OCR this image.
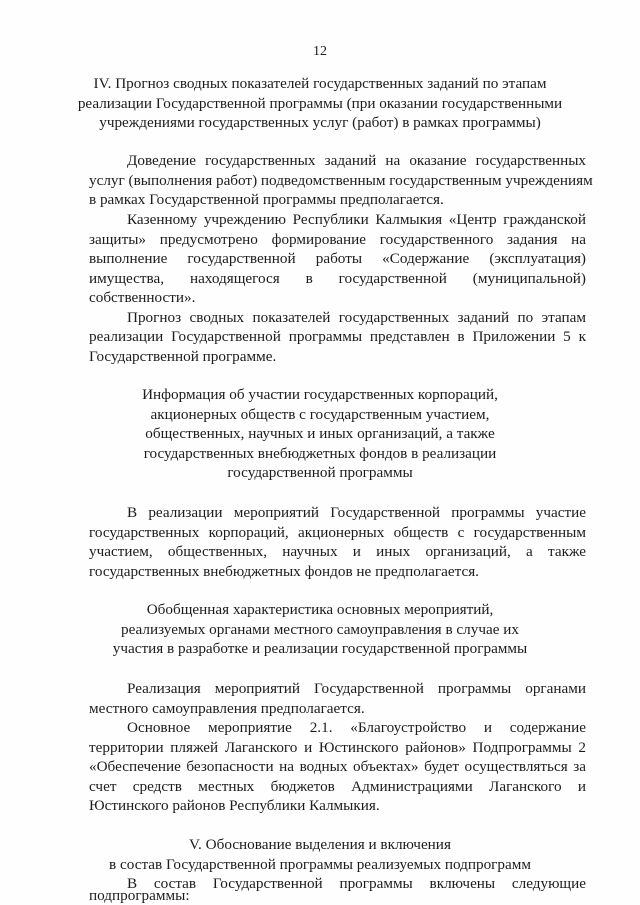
12
IV. Прогноз сводных показателей государственных заданий по этапам
реализации Государственной программы (при оказании государственными
учреждениями государственных услуг (работ) в рамках программы)
Доведение государственных заданий на оказание государственных
услуг (выполнения работ) подведомственным государственным учреждениям
в рамках Государственной программы предполагается.
Казенному учреждению Республики Калмыкия «Центр гражданской
защиты» предусмотрено формирование государственного задания на
выполнение государственной работы «Содержание (эксплуатация)
имущества, находящегося в государственной (муниципальной)
собственности».
Прогноз сводных показателей государственных заданий по этапам
реализации Государственной программы представлен в Приложении 5 к
Государственной программе.
Информация об участии государственных корпораций,
акционерных обществ с государственным участием,
общественных, научных и иных организаций, а также
государственных внебюджетных фондов в реализации
государственной программы
В реализации мероприятий Государственной программы участие
государственных корпораций, акционерных обществ с государственным
участием, общественных, научных и иных организаций, а также
государственных внебюджетных фондов не предполагается.
Обобщенная характеристика основных мероприятий,
реализуемых органами местного самоуправления в случае их
участия в разработке и реализации государственной программы
Реализация мероприятий Государственной программы органами
местного самоуправления предполагается.
Основное мероприятие 2.1. «Благоустройство и содержание
территории пляжей Лаганского и Юстинского районов» Подпрограммы 2
«Обеспечение безопасности на водных объектах» будет осуществляться за
счет средств местных бюджетов Администрациями Лаганского и
Юстинского районов Республики Калмыкия.
V. Обоснование выделения и включения
в состав Государственной программы реализуемых подпрограмм
В состав Государственной программы включены следующие
подпрограммы:
